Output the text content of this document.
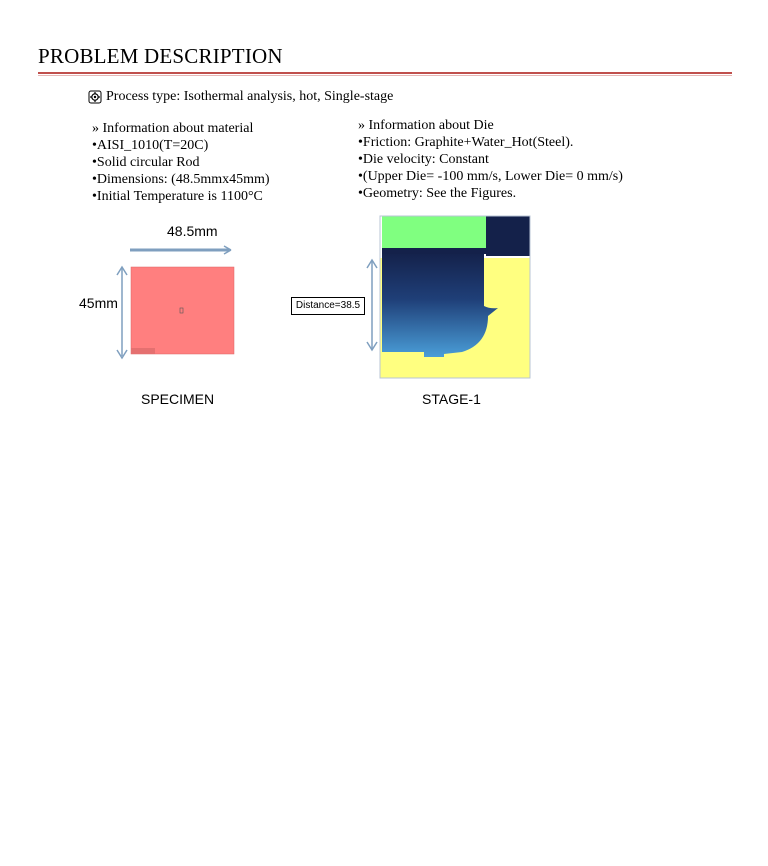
PROBLEM DESCRIPTION
Process type: Isothermal analysis, hot, Single-stage
» Information about material
•AISI_1010(T=20C)
•Solid circular Rod
•Dimensions: (48.5mmx45mm)
•Initial Temperature is 1100°C
» Information about Die
•Friction: Graphite+Water_Hot(Steel).
•Die velocity: Constant
•(Upper Die= -100 mm/s, Lower Die= 0 mm/s)
•Geometry: See the Figures.
48.5mm
45mm
SPECIMEN
Distance=38.5
STAGE-1
